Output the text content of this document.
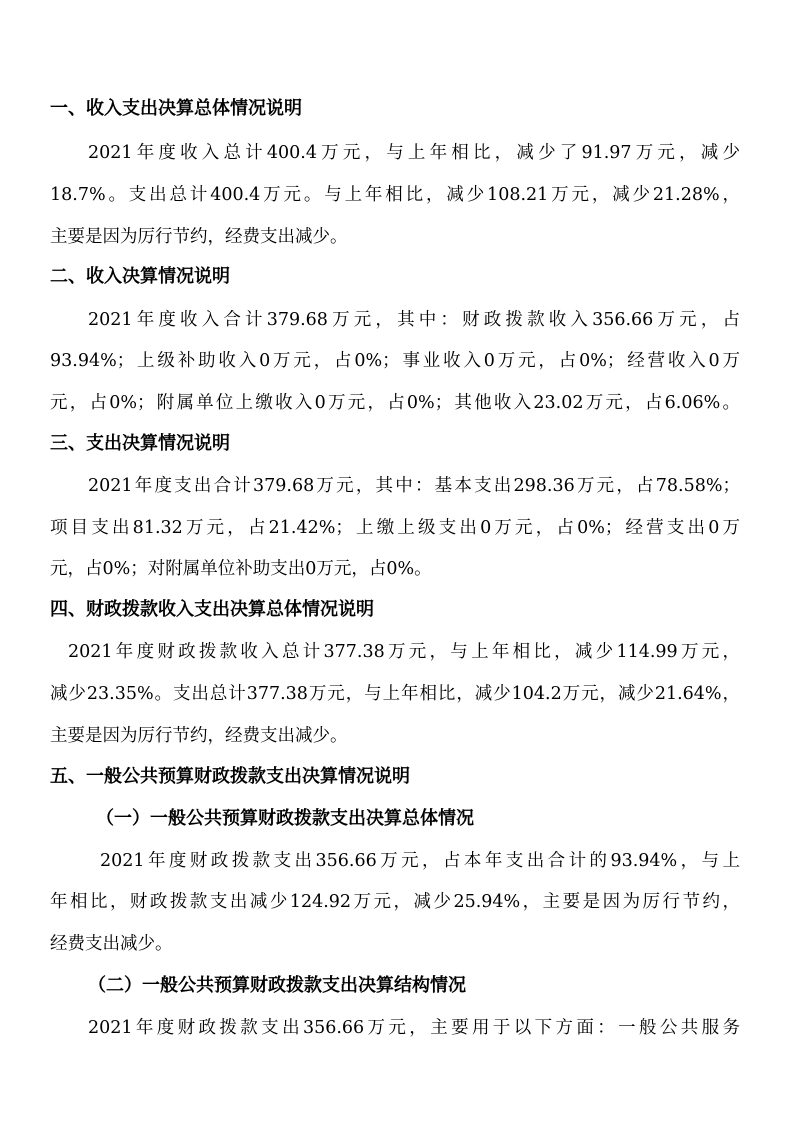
一、收入支出决算总体情况说明
2021年度收入总计400.4万元，与上年相比，减少了91.97万元，减少
18.7%。支出总计400.4万元。与上年相比，减少108.21万元，减少21.28%，
主要是因为厉行节约，经费支出减少。
二、收入决算情况说明
2021年度收入合计379.68万元，其中：财政拨款收入356.66万元，占
93.94%；上级补助收入0万元，占0%；事业收入0万元，占0%；经营收入0万
元，占0%；附属单位上缴收入0万元，占0%；其他收入23.02万元，占6.06%。
三、支出决算情况说明
2021年度支出合计379.68万元，其中：基本支出298.36万元，占78.58%；
项目支出81.32万元，占21.42%；上缴上级支出0万元，占0%；经营支出0万
元，占0%；对附属单位补助支出0万元，占0%。
四、财政拨款收入支出决算总体情况说明
2021年度财政拨款收入总计377.38万元，与上年相比，减少114.99万元，
减少23.35%。支出总计377.38万元，与上年相比，减少104.2万元，减少21.64%，
主要是因为厉行节约，经费支出减少。
五、一般公共预算财政拨款支出决算情况说明
（一）一般公共预算财政拨款支出决算总体情况
2021年度财政拨款支出356.66万元，占本年支出合计的93.94%，与上
年相比，财政拨款支出减少124.92万元，减少25.94%，主要是因为厉行节约，
经费支出减少。
（二）一般公共预算财政拨款支出决算结构情况
2021年度财政拨款支出356.66万元，主要用于以下方面：一般公共服务
